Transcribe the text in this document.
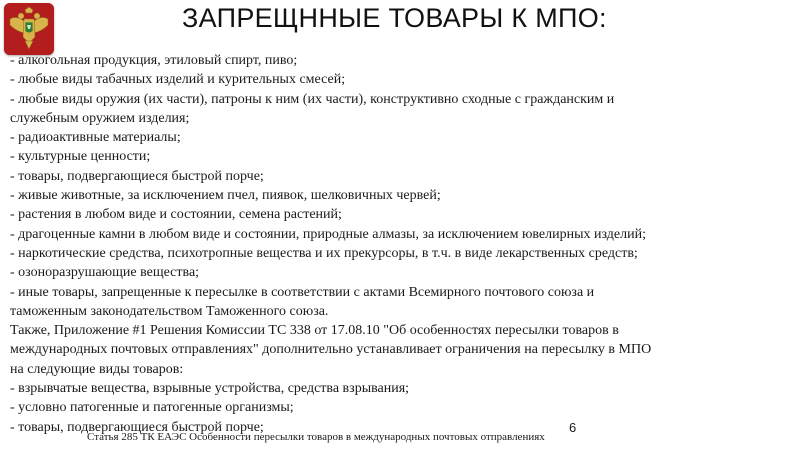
ЗАПРЕЩННЫЕ ТОВАРЫ К МПО:
- алкогольная продукция, этиловый спирт, пиво;
- любые виды табачных изделий и курительных смесей;
- любые виды оружия (их части), патроны к ним (их части), конструктивно сходные с гражданским и
служебным оружием изделия;
- радиоактивные материалы;
- культурные ценности;
- товары, подвергающиеся быстрой порче;
- живые животные, за исключением пчел, пиявок, шелковичных червей;
- растения в любом виде и состоянии, семена растений;
- драгоценные камни в любом виде и состоянии, природные алмазы, за исключением ювелирных изделий;
- наркотические средства, психотропные вещества и их прекурсоры, в т.ч. в виде лекарственных средств;
- озоноразрушающие вещества;
- иные товары, запрещенные к пересылке в соответствии с актами Всемирного почтового союза и
таможенным законодательством Таможенного союза.
Также, Приложение #1 Решения Комиссии ТС 338 от 17.08.10 "Об особенностях пересылки товаров в
международных почтовых отправлениях" дополнительно устанавливает ограничения на пересылку в МПО
на следующие виды товаров:
- взрывчатые вещества, взрывные устройства, средства взрывания;
- условно патогенные и патогенные организмы;
- товары, подвергающиеся быстрой порче;	6
Статья 285 ТК ЕАЭС Особенности пересылки товаров в международных почтовых отправлениях
